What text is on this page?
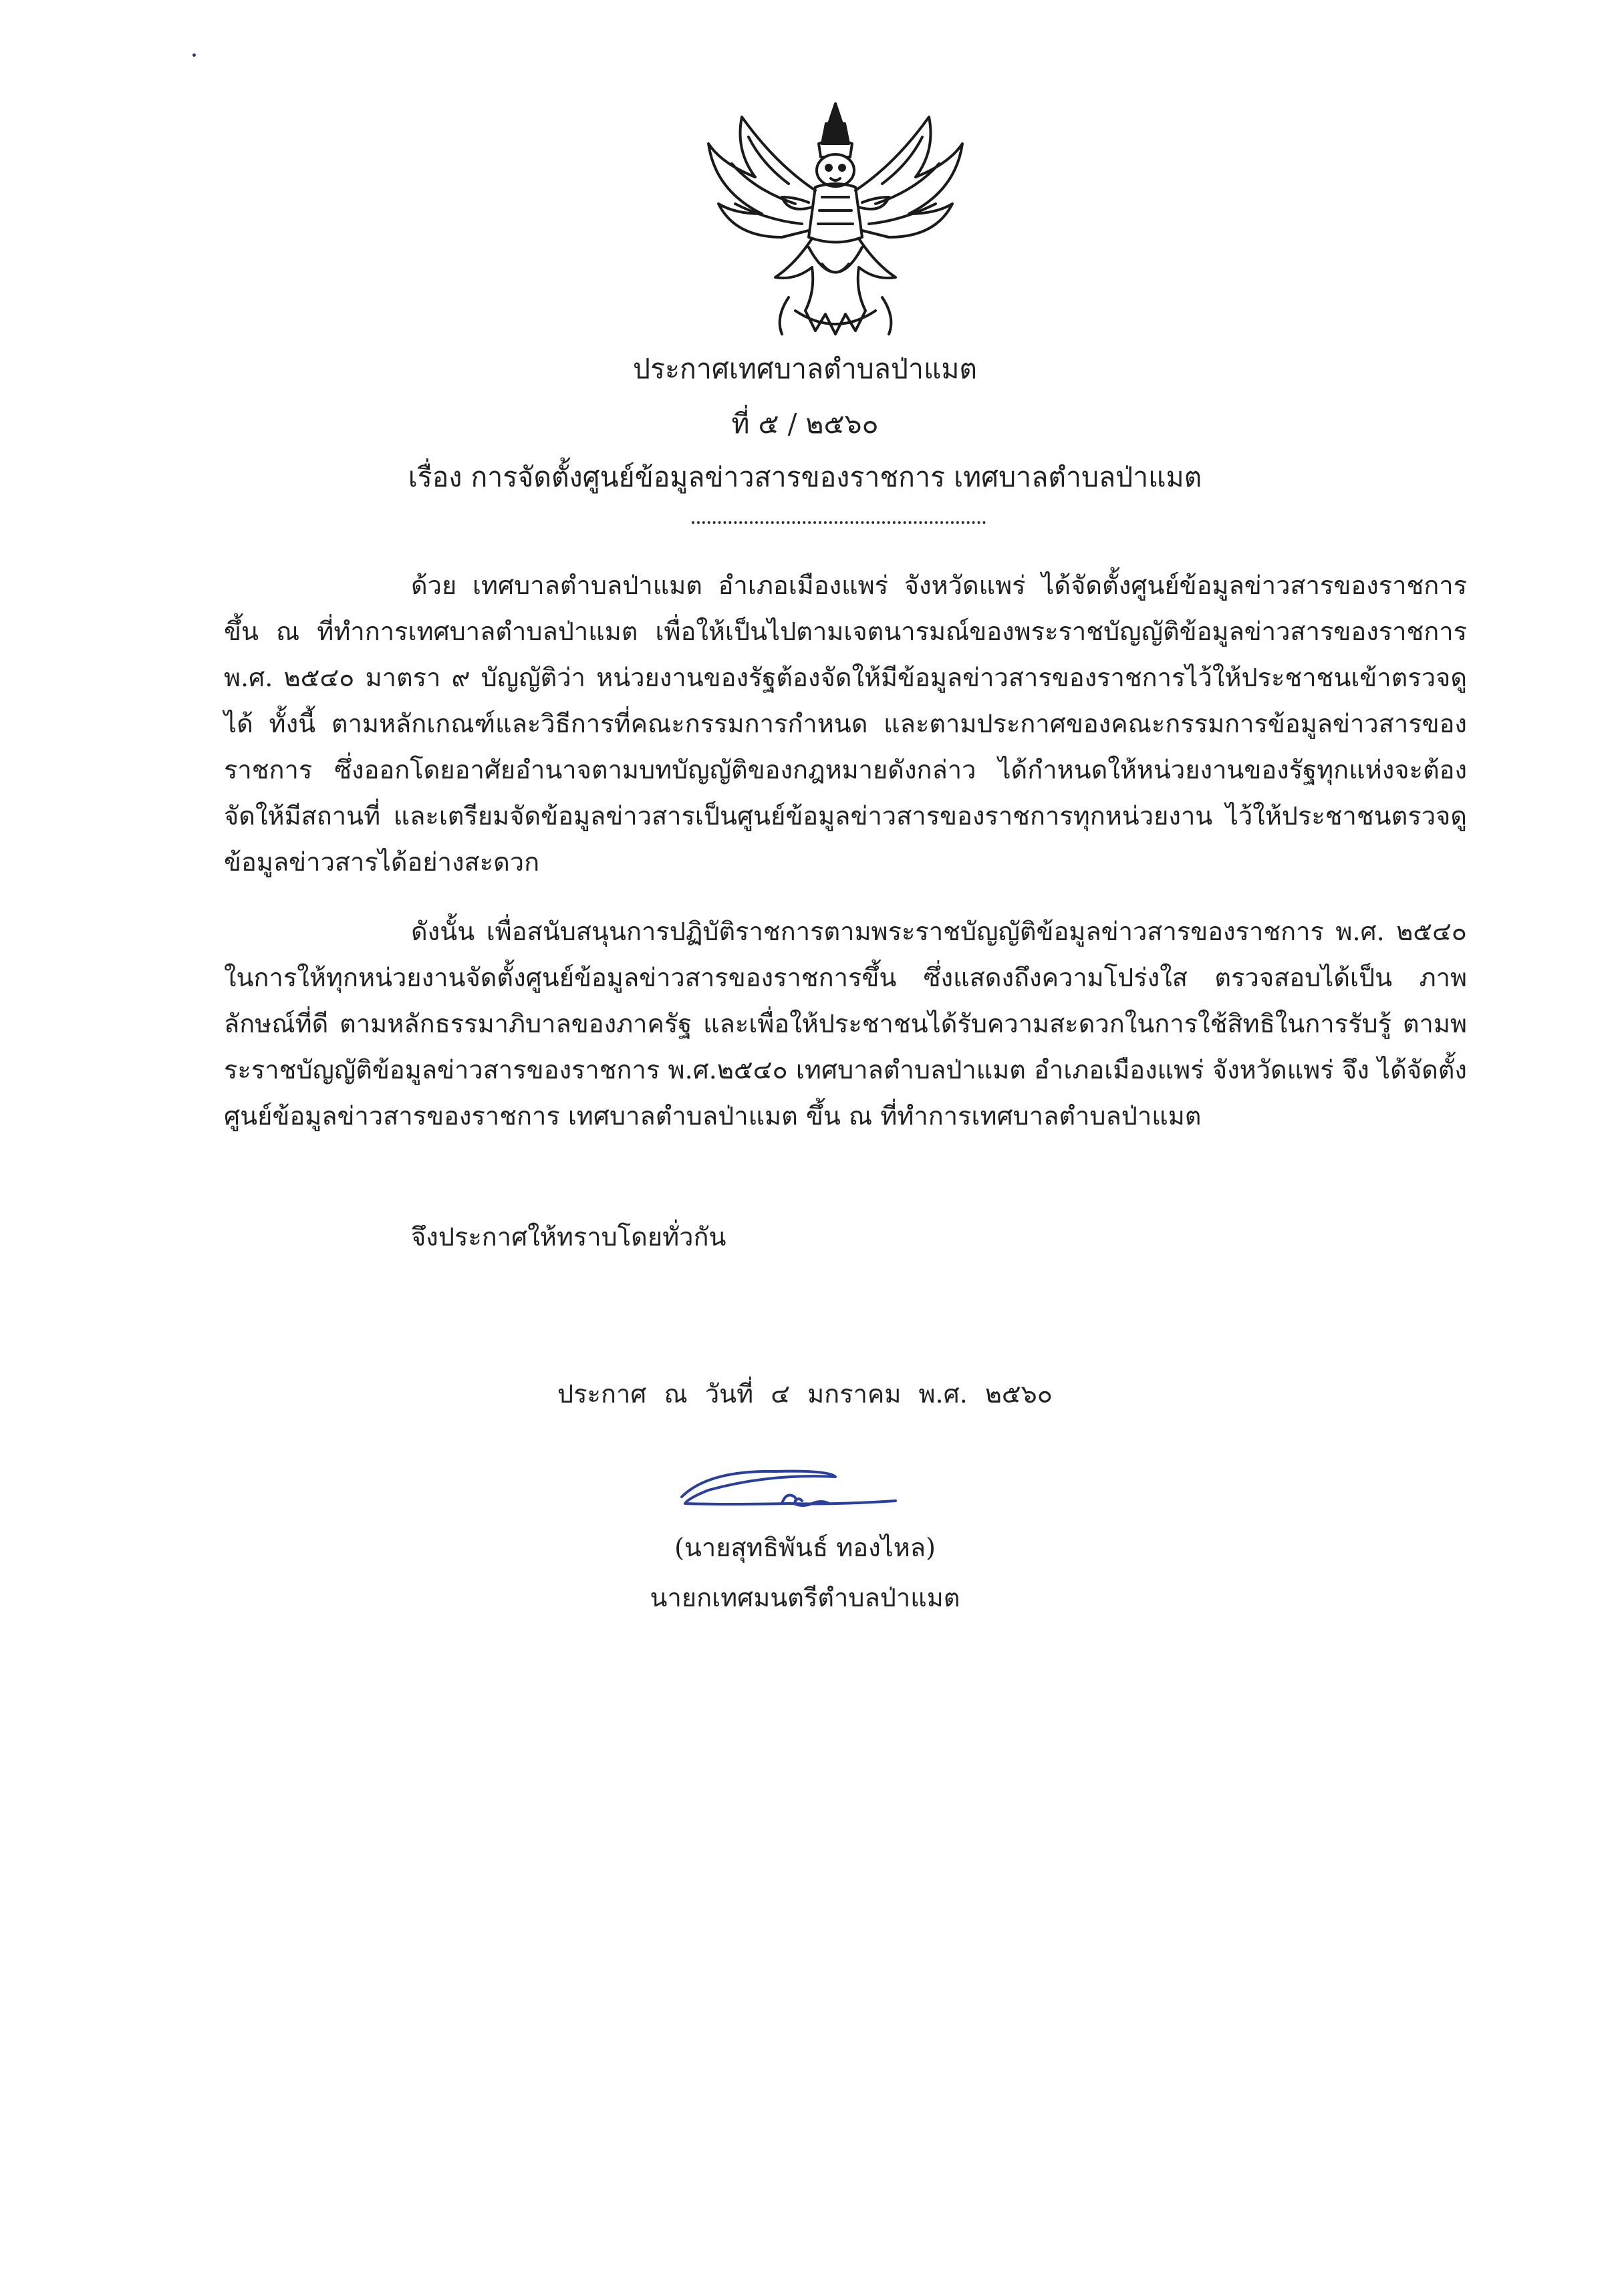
ประกาศเทศบาลตำบลป่าแมต
ที่ ๕ / ๒๕๖๐
เรื่อง การจัดตั้งศูนย์ข้อมูลข่าวสารของราชการ เทศบาลตำบลป่าแมต

ด้วย เทศบาลตำบลป่าแมต อำเภอเมืองแพร่ จังหวัดแพร่ ได้จัดตั้งศูนย์ข้อมูลข่าวสารของราชการ ขึ้น ณ ที่ทำการเทศบาลตำบลป่าแมต เพื่อให้เป็นไปตามเจตนารมณ์ของพระราชบัญญัติข้อมูลข่าวสารของราชการ พ.ศ. ๒๕๔๐ มาตรา ๙ บัญญัติว่า หน่วยงานของรัฐต้องจัดให้มีข้อมูลข่าวสารของราชการไว้ให้ประชาชนเข้าตรวจดู ได้ ทั้งนี้ ตามหลักเกณฑ์และวิธีการที่คณะกรรมการกำหนด และตามประกาศของคณะกรรมการข้อมูลข่าวสารของ ราชการ ซึ่งออกโดยอาศัยอำนาจตามบทบัญญัติของกฎหมายดังกล่าว ได้กำหนดให้หน่วยงานของรัฐทุกแห่งจะต้อง จัดให้มีสถานที่ และเตรียมจัดข้อมูลข่าวสารเป็นศูนย์ข้อมูลข่าวสารของราชการทุกหน่วยงาน ไว้ให้ประชาชนตรวจดู ข้อมูลข่าวสารได้อย่างสะดวก

ดังนั้น เพื่อสนับสนุนการปฏิบัติราชการตามพระราชบัญญัติข้อมูลข่าวสารของราชการ พ.ศ. ๒๕๔๐ ในการให้ทุกหน่วยงานจัดตั้งศูนย์ข้อมูลข่าวสารของราชการขึ้น ซึ่งแสดงถึงความโปร่งใส ตรวจสอบได้เป็น ภาพลักษณ์ที่ดี ตามหลักธรรมาภิบาลของภาครัฐ และเพื่อให้ประชาชนได้รับความสะดวกในการใช้สิทธิในการรับรู้ ตามพระราชบัญญัติข้อมูลข่าวสารของราชการ พ.ศ.๒๕๔๐ เทศบาลตำบลป่าแมต อำเภอเมืองแพร่ จังหวัดแพร่ จึง ได้จัดตั้งศูนย์ข้อมูลข่าวสารของราชการ เทศบาลตำบลป่าแมต ขึ้น ณ ที่ทำการเทศบาลตำบลป่าแมต

จึงประกาศให้ทราบโดยทั่วกัน

ประกาศ ณ วันที่ ๔ มกราคม พ.ศ. ๒๕๖๐
(นายสุทธิพันธ์ ทองไหล)
นายกเทศมนตรีตำบลป่าแมต
